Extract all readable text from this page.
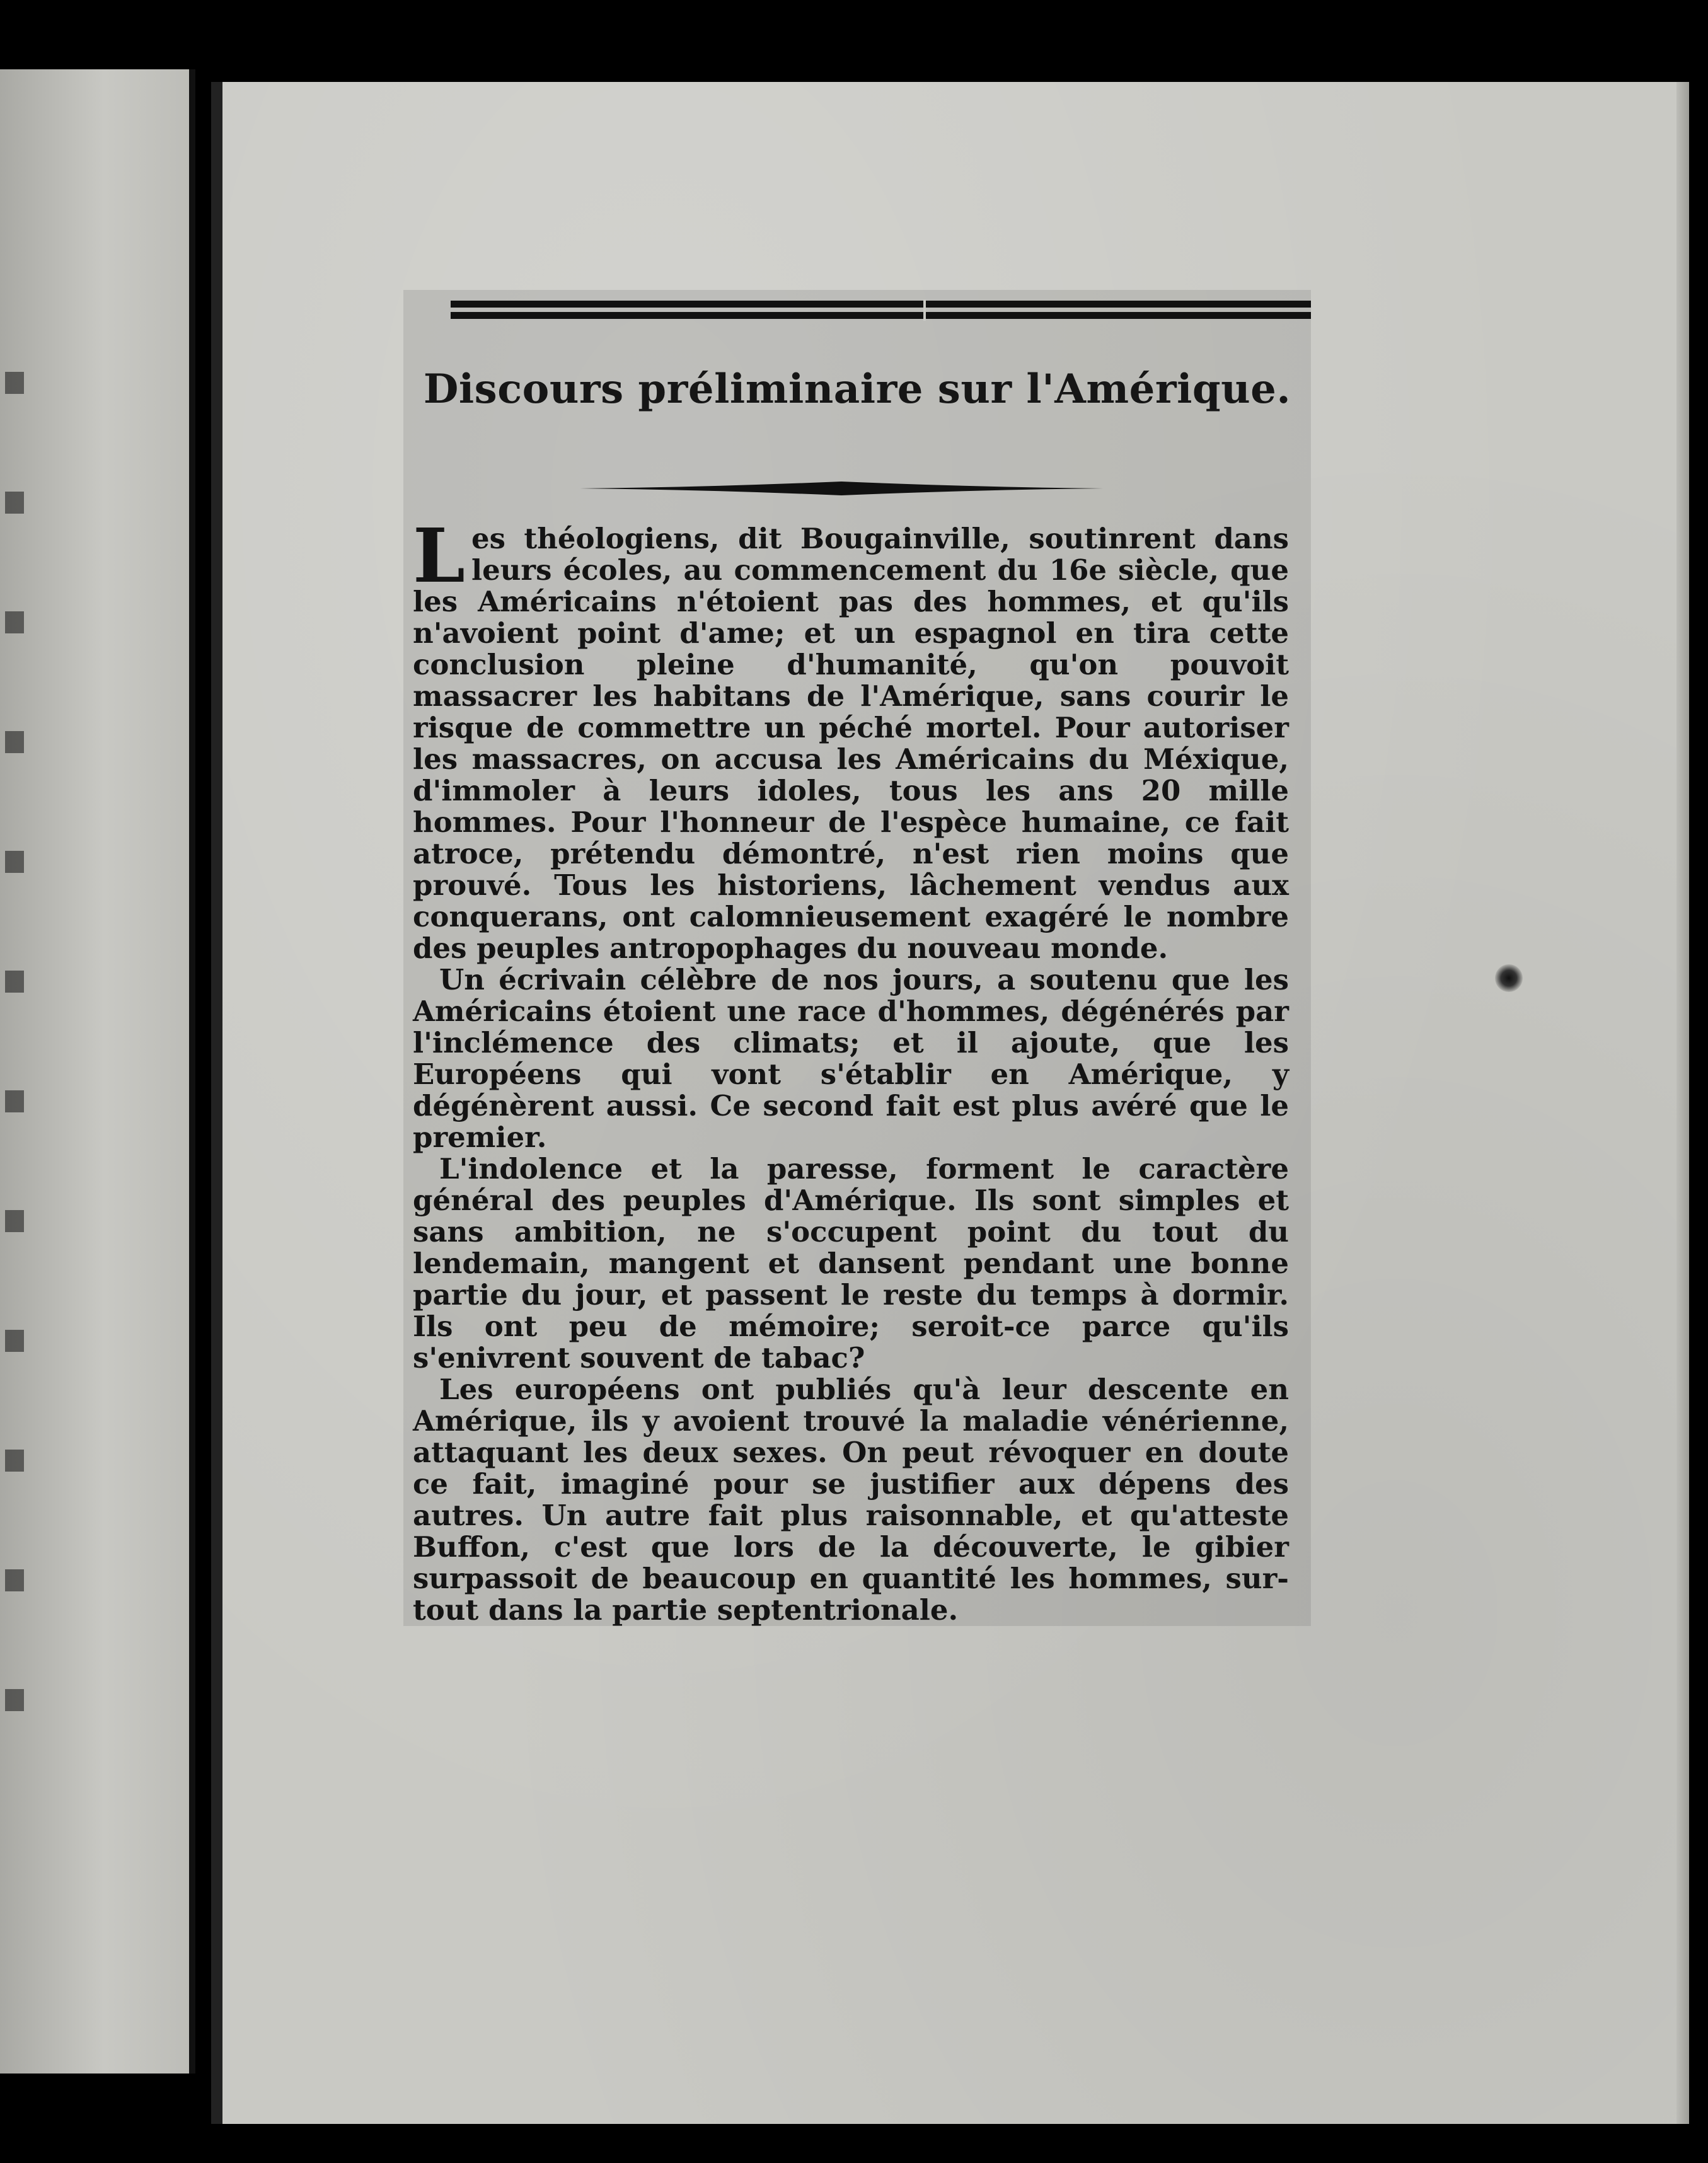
Discours préliminaire sur l'Amérique.

Les théologiens, dit Bougainville, soutinrent dans leurs écoles, au commencement du 16e siècle, que les Américains n'étoient pas des hommes, et qu'ils n'avoient point d'ame; et un espagnol en tira cette conclusion pleine d'humanité, qu'on pouvoit massacrer les habitans de l'Amérique, sans courir le risque de commettre un péché mortel. Pour autoriser les massacres, on accusa les Américains du Méxique, d'immoler à leurs idoles, tous les ans 20 mille hommes. Pour l'honneur de l'espèce humaine, ce fait atroce, prétendu démontré, n'est rien moins que prouvé. Tous les historiens, lâchement vendus aux conquerans, ont calomnieusement exagéré le nombre des peuples antropophages du nouveau monde.

Un écrivain célèbre de nos jours, a soutenu que les Américains étoient une race d'hommes, dégénérés par l'inclémence des climats; et il ajoute, que les Européens qui vont s'établir en Amérique, y dégénèrent aussi. Ce second fait est plus avéré que le premier.

L'indolence et la paresse, forment le caractère général des peuples d'Amérique. Ils sont simples et sans ambition, ne s'occupent point du tout du lendemain, mangent et dansent pendant une bonne partie du jour, et passent le reste du temps à dormir. Ils ont peu de mémoire; seroit-ce parce qu'ils s'enivrent souvent de tabac?

Les européens ont publiés qu'à leur descente en Amérique, ils y avoient trouvé la maladie vénérienne, attaquant les deux sexes. On peut révoquer en doute ce fait, imaginé pour se justifier aux dépens des autres. Un autre fait plus raisonnable, et qu'atteste Buffon, c'est que lors de la découverte, le gibier surpassoit de beaucoup en quantité les hommes, sur-tout dans la partie septentrionale.
